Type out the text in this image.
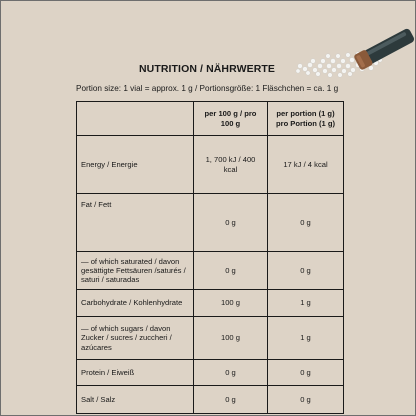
NUTRITION / NÄHRWERTE
Portion size: 1 vial = approx. 1 g / Portionsgröße: 1 Fläschchen = ca. 1 g
	per 100 g / pro 100 g	per portion (1 g) pro Portion (1 g)
Energy / Energie	1, 700 kJ / 400 kcal	17 kJ / 4 kcal
Fat / Fett	0 g	0 g
— of which saturated / davon gesättigte Fettsäuren /saturés / saturi / saturadas	0 g	0 g
Carbohydrate / Kohlenhydrate	100 g	1 g
— of which sugars / davon Zucker / sucres / zuccheri / azúcares	100 g	1 g
Protein / Eiweiß	0 g	0 g
Salt / Salz	0 g	0 g
